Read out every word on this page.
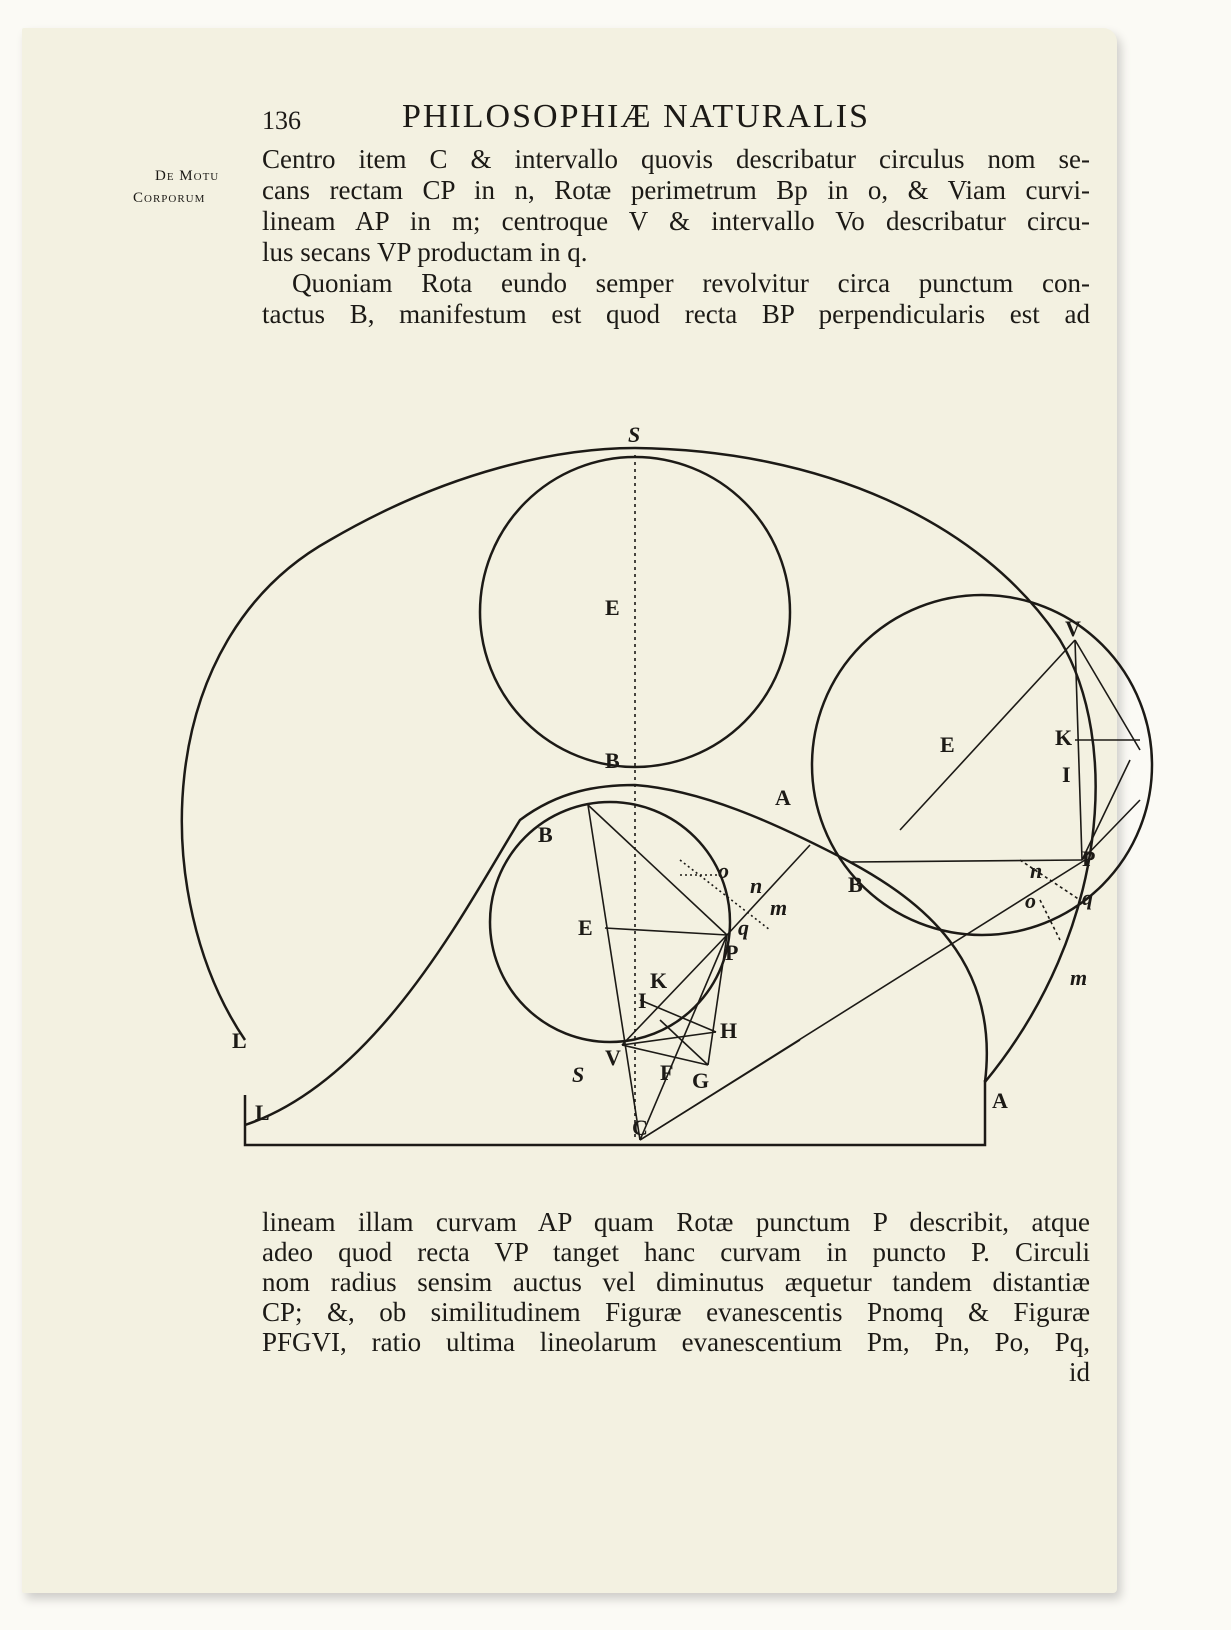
136	PHILOSOPHIÆ NATURALIS
De Motu
Corporum
Centro item C & intervallo quovis describatur circulus nom se-
cans rectam CP in n, Rotæ perimetrum Bp in o, & Viam curvi-
lineam AP in m; centroque V & intervallo Vo describatur circu-
lus secans VP productam in q.
Quoniam Rota eundo semper revolvitur circa punctum con-
tactus B, manifestum est quod recta BP perpendicularis est ad
S
E
B
V
E	K
I
P
B
n
o q
m
A
B
o
n
m
q
E
P
K
I
H
V
S	F G
C
L
L	A
lineam illam curvam AP quam Rotæ punctum P describit, atque
adeo quod recta VP tanget hanc curvam in puncto P. Circuli
nom radius sensim auctus vel diminutus æquetur tandem distantiæ
CP; &, ob similitudinem Figuræ evanescentis Pnomq & Figuræ
PFGVI, ratio ultima lineolarum evanescentium Pm, Pn, Po, Pq,
id
